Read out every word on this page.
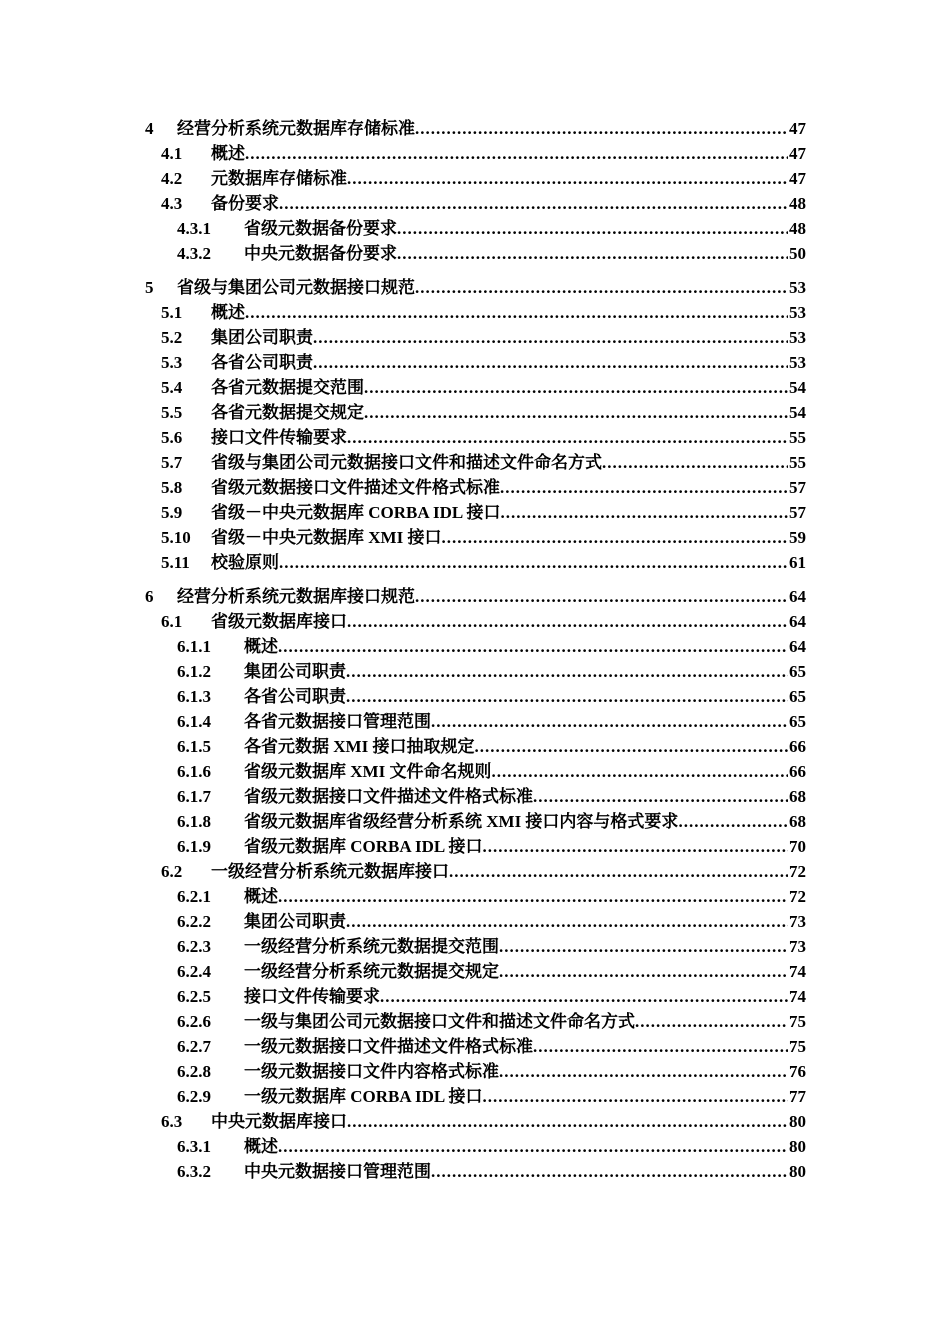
4 经营分析系统元数据库存储标准 .....	47
4.1 概述 .....	47
4.2 元数据库存储标准 .....	47
4.3 备份要求 .....	48
4.3.1 省级元数据备份要求 .....	48
4.3.2 中央元数据备份要求 .....	50
5 省级与集团公司元数据接口规范 .....	53
5.1 概述 .....	53
5.2 集团公司职责 .....	53
5.3 各省公司职责 .....	53
5.4 各省元数据提交范围 .....	54
5.5 各省元数据提交规定 .....	54
5.6 接口文件传输要求 .....	55
5.7 省级与集团公司元数据接口文件和描述文件命名方式 .....	55
5.8 省级元数据接口文件描述文件格式标准 .....	57
5.9 省级－中央元数据库 CORBA IDL 接口 .....	57
5.10 省级－中央元数据库 XMI 接口 .....	59
5.11 校验原则 .....	61
6 经营分析系统元数据库接口规范 .....	64
6.1 省级元数据库接口 .....	64
6.1.1 概述 .....	64
6.1.2 集团公司职责 .....	65
6.1.3 各省公司职责 .....	65
6.1.4 各省元数据接口管理范围 .....	65
6.1.5 各省元数据 XMI 接口抽取规定 .....	66
6.1.6 省级元数据库 XMI 文件命名规则 .....	66
6.1.7 省级元数据接口文件描述文件格式标准 .....	68
6.1.8 省级元数据库省级经营分析系统 XMI 接口内容与格式要求 .....	68
6.1.9 省级元数据库 CORBA IDL 接口 .....	70
6.2 一级经营分析系统元数据库接口 .....	72
6.2.1 概述 .....	72
6.2.2 集团公司职责 .....	73
6.2.3 一级经营分析系统元数据提交范围 .....	73
6.2.4 一级经营分析系统元数据提交规定 .....	74
6.2.5 接口文件传输要求 .....	74
6.2.6 一级与集团公司元数据接口文件和描述文件命名方式 .....	75
6.2.7 一级元数据接口文件描述文件格式标准 .....	75
6.2.8 一级元数据接口文件内容格式标准 .....	76
6.2.9 一级元数据库 CORBA IDL 接口 .....	77
6.3 中央元数据库接口 .....	80
6.3.1 概述 .....	80
6.3.2 中央元数据接口管理范围 .....	80
